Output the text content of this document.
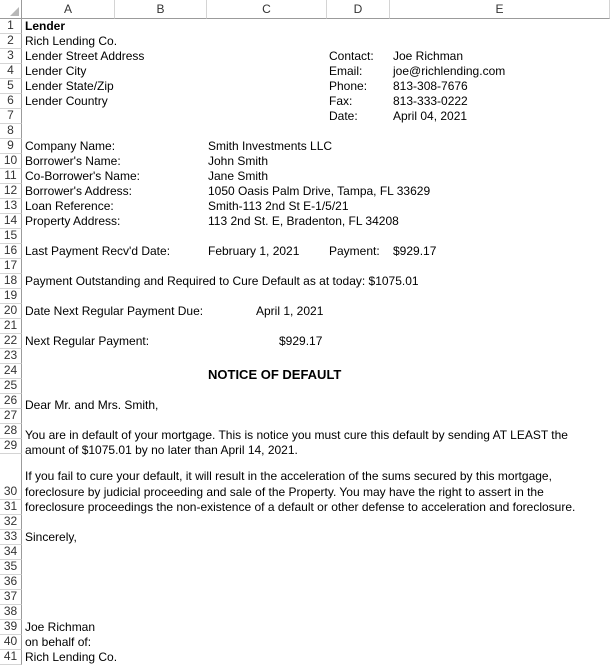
A	B	C	D	E
1
2
3
4
5
6
7
8
9
10
11
12
13
14
15
16
17
18
19
20
21
22
23
24
25
26
27
28
29
30
31
32
33
34
35
36
37
38
39
40
41
Lender
Rich Lending Co.
Lender Street Address
Lender City
Lender State/Zip
Lender Country
Contact: Joe Richman
Email:	joe@richlending.com
Phone: 813-308-7676
Fax:	813-333-0222
Date:	April 04, 2021
Company Name:	Smith Investments LLC
Borrower's Name:	John Smith
Co-Borrower's Name:	Jane Smith
Borrower's Address:	1050 Oasis Palm Drive, Tampa, FL 33629
Loan Reference:	Smith-113 2nd St E-1/5/21
Property Address:	113 2nd St. E, Bradenton, FL 34208
Last Payment Recv'd Date:	February 1, 2021 Payment: $929.17
Payment Outstanding and Required to Cure Default as at today: $1075.01
Date Next Regular Payment Due:	April 1, 2021
Next Regular Payment:	$929.17
NOTICE OF DEFAULT
Dear Mr. and Mrs. Smith,
You are in default of your mortgage. This is notice you must cure this default by sending AT LEAST the
amount of $1075.01 by no later than April 14, 2021.
If you fail to cure your default, it will result in the acceleration of the sums secured by this mortgage,
foreclosure by judicial proceeding and sale of the Property. You may have the right to assert in the
foreclosure proceedings the non-existence of a default or other defense to acceleration and foreclosure.
Sincerely,
Joe Richman
on behalf of:
Rich Lending Co.
